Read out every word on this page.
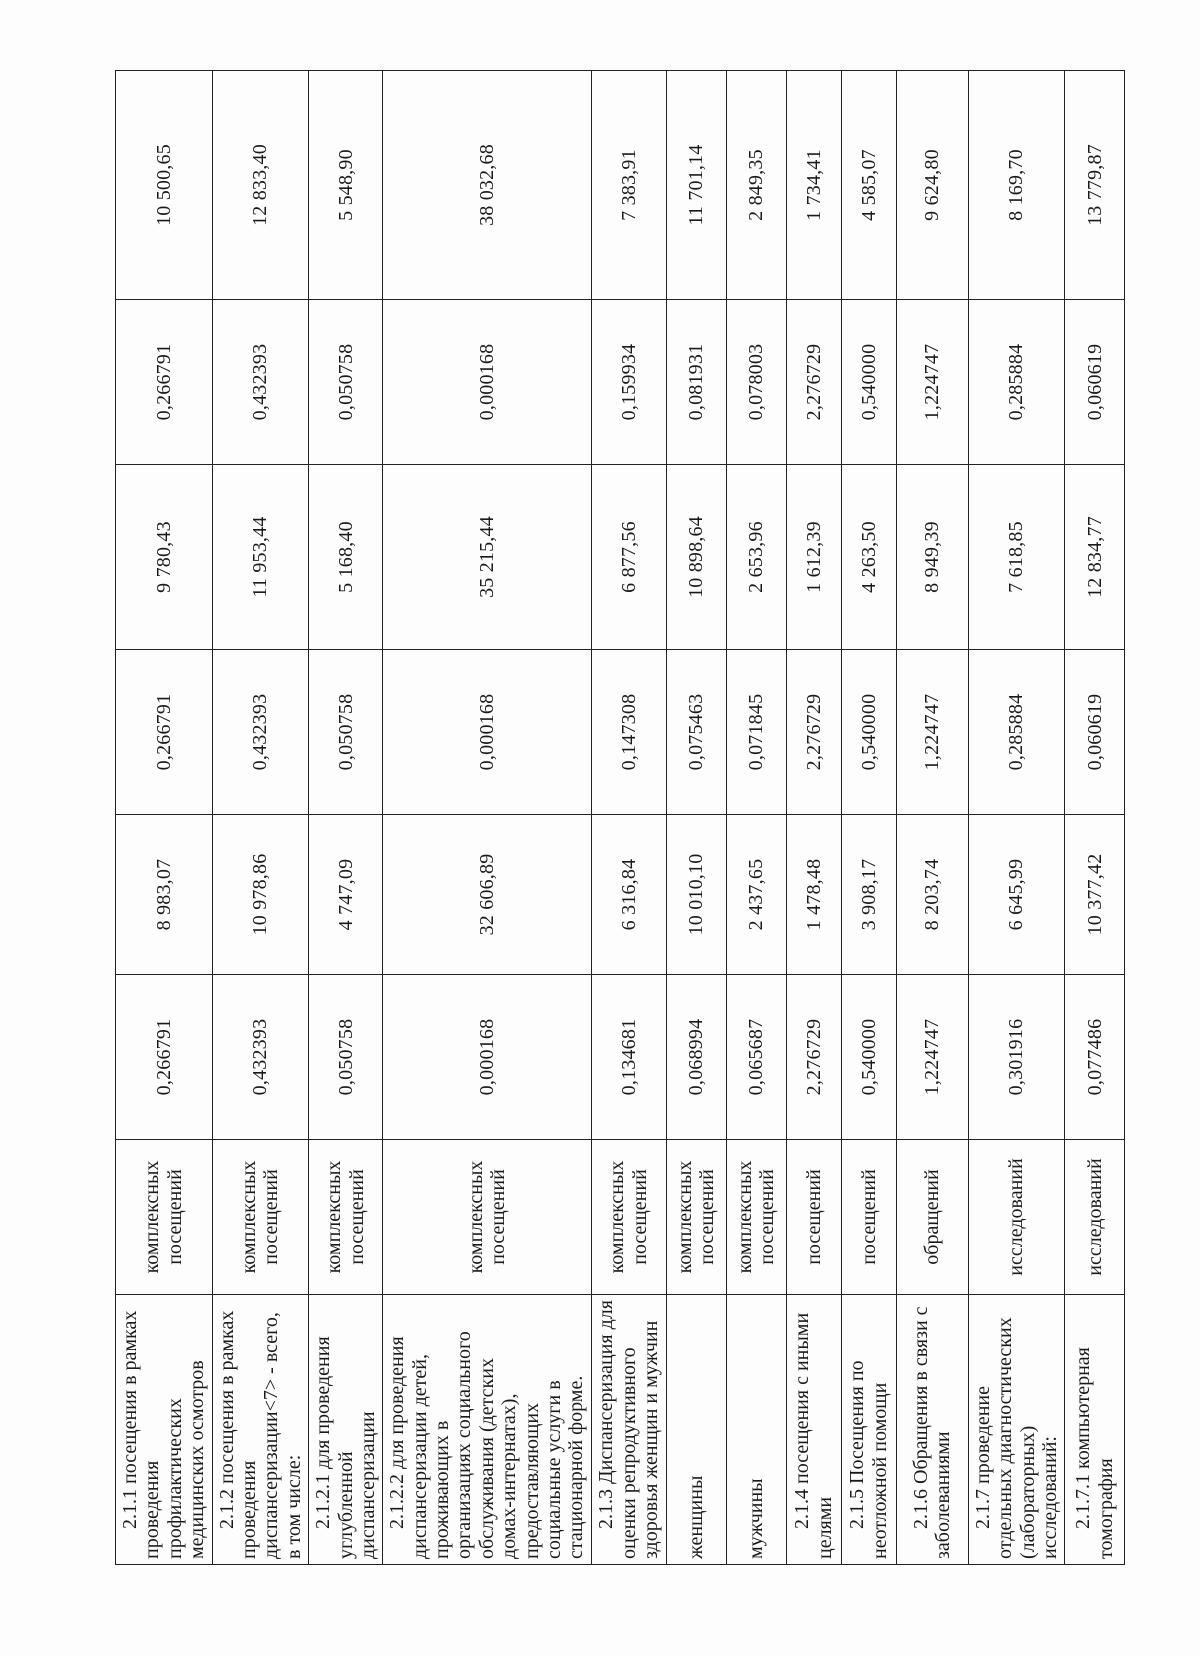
2.1.1 посещения в рамках проведения профилактических медицинских осмотров	комплексных посещений	0,266791	8 983,07	0,266791	9 780,43	0,266791	10 500,65
2.1.2 посещения в рамках проведения диспансеризации<7> - всего, в том числе:	комплексных посещений	0,432393	10 978,86	0,432393	11 953,44	0,432393	12 833,40
2.1.2.1 для проведения углубленной диспансеризации	комплексных посещений	0,050758	4 747,09	0,050758	5 168,40	0,050758	5 548,90
2.1.2.2 для проведения диспансеризации детей, проживающих в организациях социального обслуживания (детских домах-интернатах), предоставляющих социальные услуги в стационарной форме.	комплексных посещений	0,000168	32 606,89	0,000168	35 215,44	0,000168	38 032,68
2.1.3 Диспансеризация для оценки репродуктивного здоровья женщин и мужчин	комплексных посещений	0,134681	6 316,84	0,147308	6 877,56	0,159934	7 383,91
женщины	комплексных посещений	0,068994	10 010,10	0,075463	10 898,64	0,081931	11 701,14
мужчины	комплексных посещений	0,065687	2 437,65	0,071845	2 653,96	0,078003	2 849,35
2.1.4 посещения с иными целями	посещений	2,276729	1 478,48	2,276729	1 612,39	2,276729	1 734,41
2.1.5 Посещения по неотложной помощи	посещений	0,540000	3 908,17	0,540000	4 263,50	0,540000	4 585,07
2.1.6 Обращения в связи с заболеваниями	обращений	1,224747	8 203,74	1,224747	8 949,39	1,224747	9 624,80
2.1.7 проведение отдельных диагностических (лабораторных) исследований:	исследований	0,301916	6 645,99	0,285884	7 618,85	0,285884	8 169,70
2.1.7.1 компьютерная томография	исследований	0,077486	10 377,42	0,060619	12 834,77	0,060619	13 779,87
